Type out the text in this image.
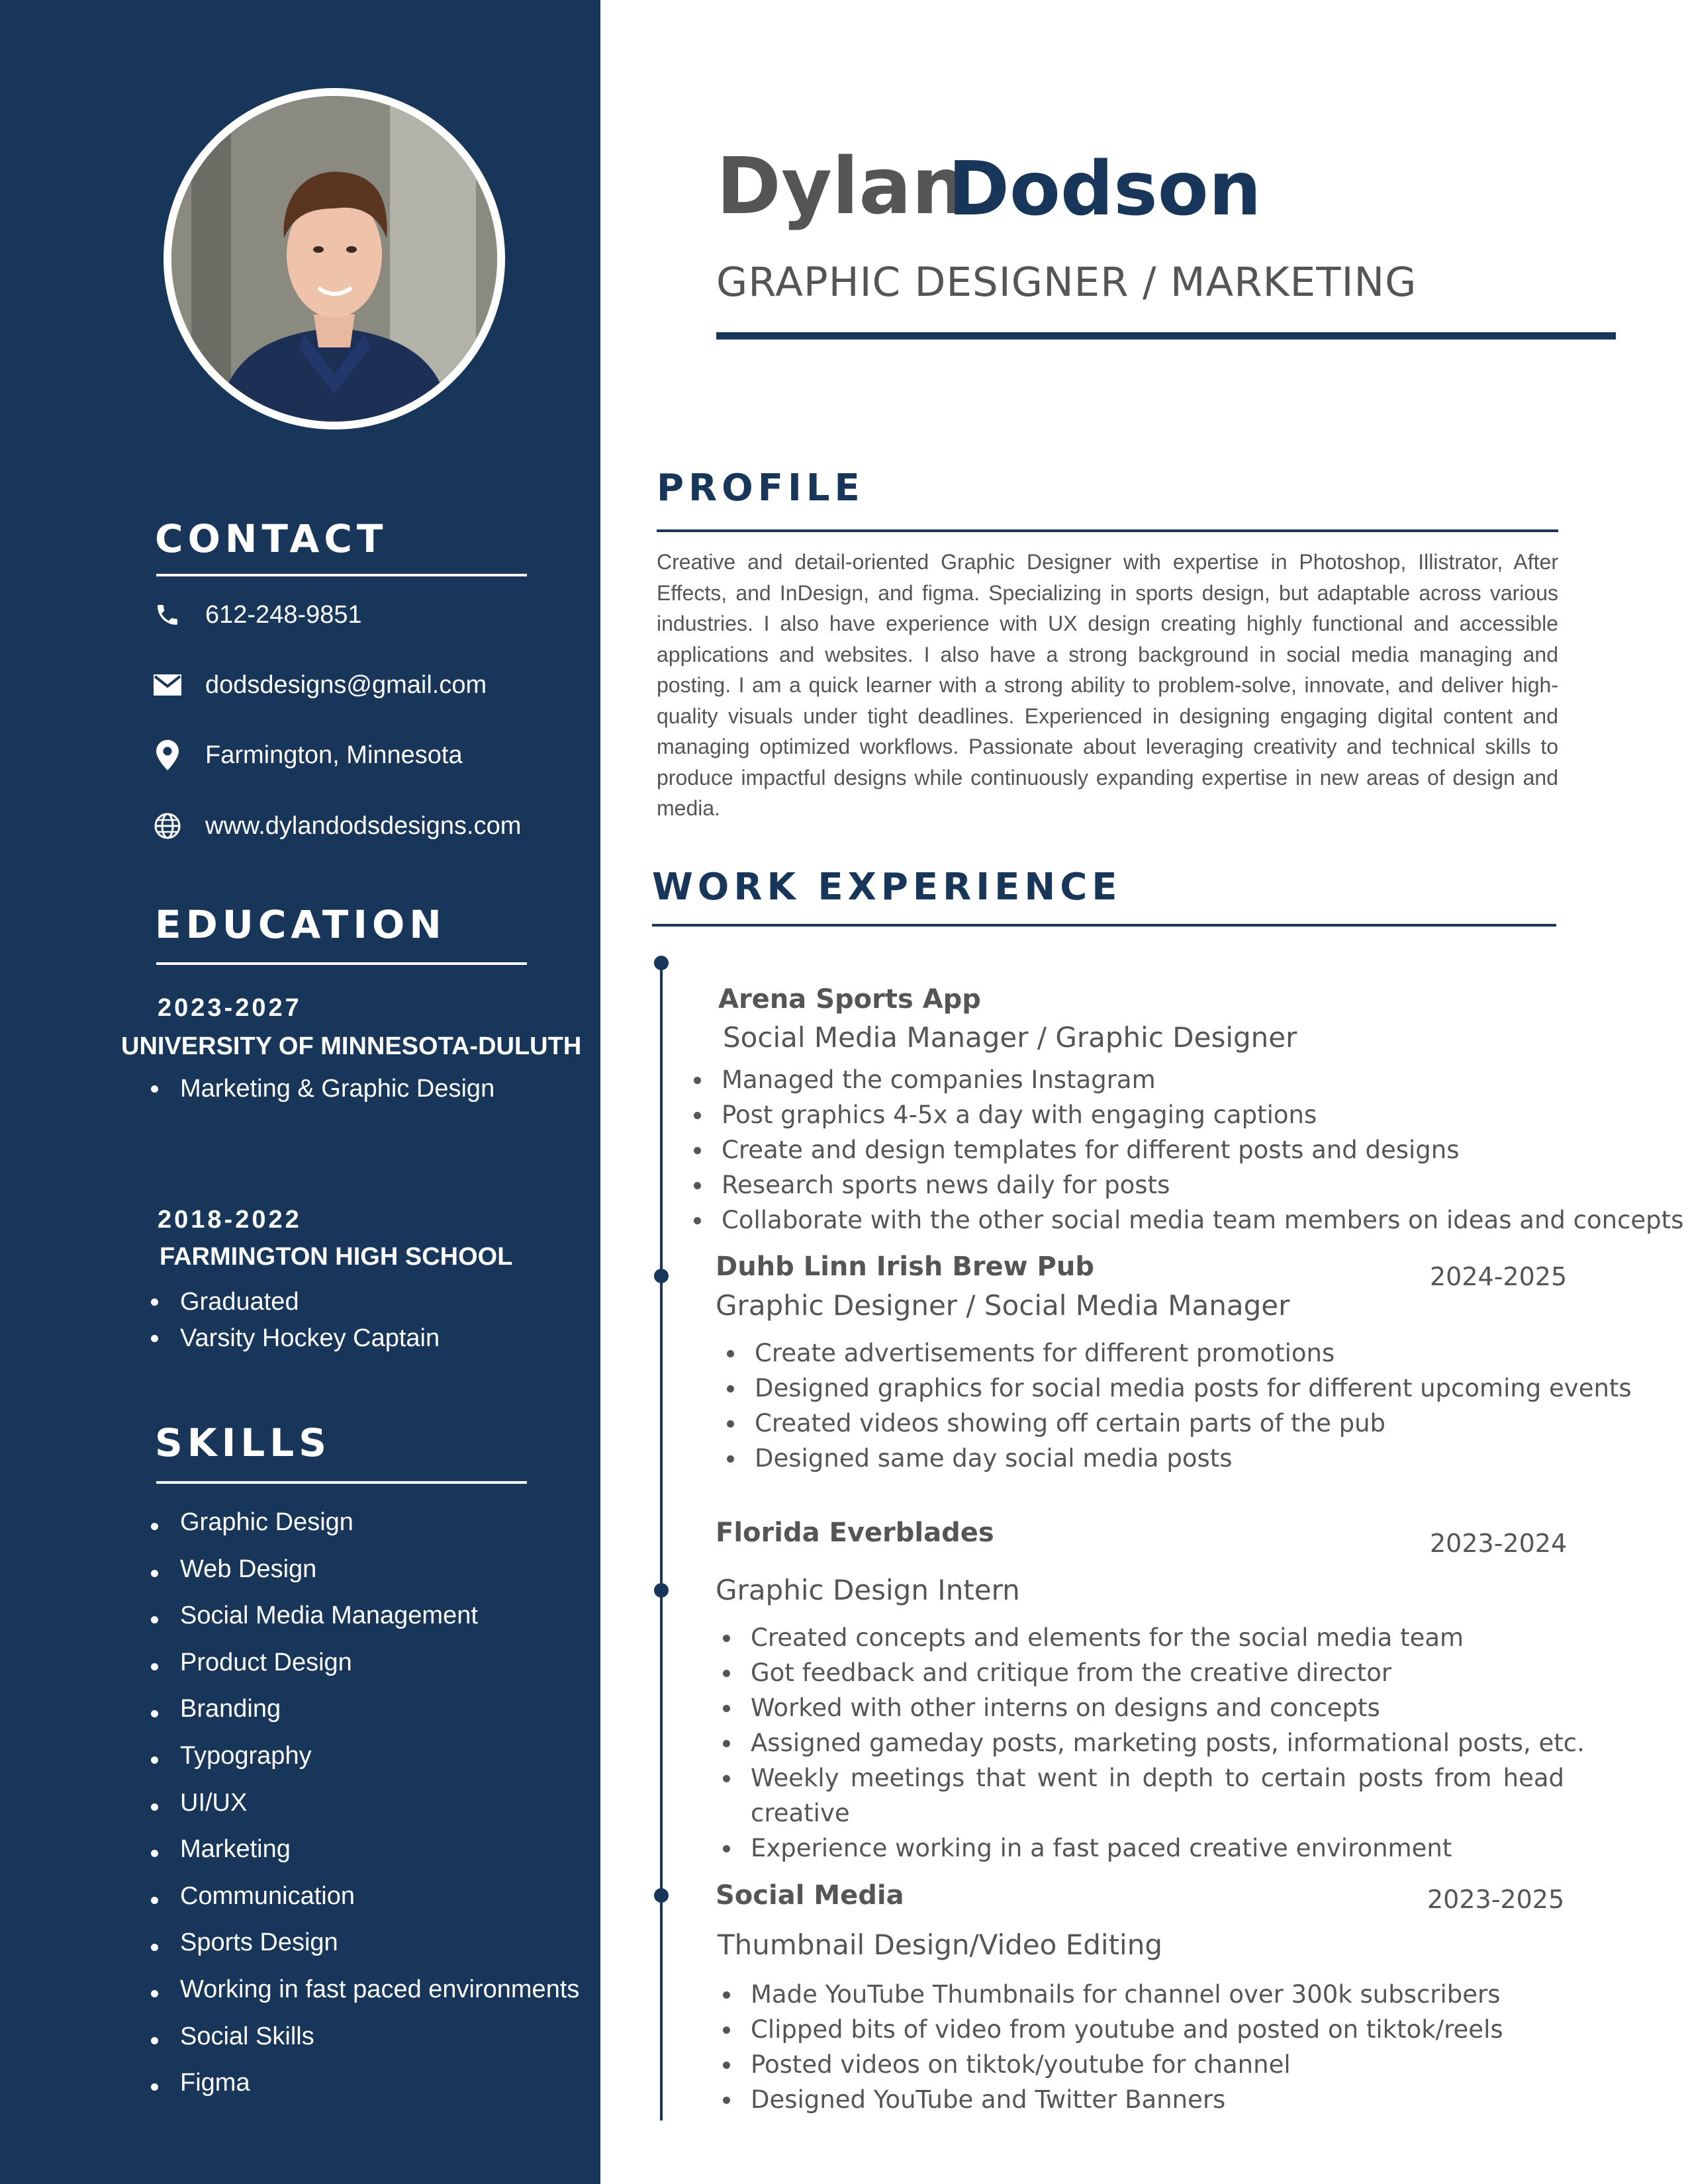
CONTACT
612-248-9851
dodsdesigns@gmail.com
Farmington, Minnesota
www.dylandodsdesigns.com
EDUCATION
2023-2027
UNIVERSITY OF MINNESOTA-DULUTH
Marketing & Graphic Design
2018-2022
FARMINGTON HIGH SCHOOL
Graduated
Varsity Hockey Captain
SKILLS
Graphic Design
Web Design
Social Media Management
Product Design
Branding
Typography
UI/UX
Marketing
Communication
Sports Design
Working in fast paced environments
Social Skills
Figma
Dylan
Dodson
GRAPHIC DESIGNER / MARKETING
PROFILE

Creative and detail-oriented Graphic Designer with expertise in Photoshop, Illistrator, After Effects, and InDesign, and figma. Specializing in sports design, but adaptable across various industries. I also have experience with UX design creating highly functional and accessible applications and websites. I also have a strong background in social media managing and posting. I am a quick learner with a strong ability to problem-solve, innovate, and deliver high-quality visuals under tight deadlines. Experienced in designing engaging digital content and managing optimized workflows. Passionate about leveraging creativity and technical skills to produce impactful designs while continuously expanding expertise in new areas of design and media.

WORK EXPERIENCE
Arena Sports App
Social Media Manager / Graphic Designer
Managed the companies Instagram
Post graphics 4-5x a day with engaging captions
Create and design templates for different posts and designs
Research sports news daily for posts
Collaborate with the other social media team members on ideas and concepts
Duhb Linn Irish Brew Pub	2024-2025
Graphic Designer / Social Media Manager
Create advertisements for different promotions
Designed graphics for social media posts for different upcoming events
Created videos showing off certain parts of the pub
Designed same day social media posts
Florida Everblades	2023-2024
Graphic Design Intern
Created concepts and elements for the social media team
Got feedback and critique from the creative director
Worked with other interns on designs and concepts
Assigned gameday posts, marketing posts, informational posts, etc.
Weekly meetings that went in depth to certain posts from head creative
Experience working in a fast paced creative environment
Social Media	2023-2025
Thumbnail Design/Video Editing
Made YouTube Thumbnails for channel over 300k subscribers
Clipped bits of video from youtube and posted on tiktok/reels
Posted videos on tiktok/youtube for channel
Designed YouTube and Twitter Banners
